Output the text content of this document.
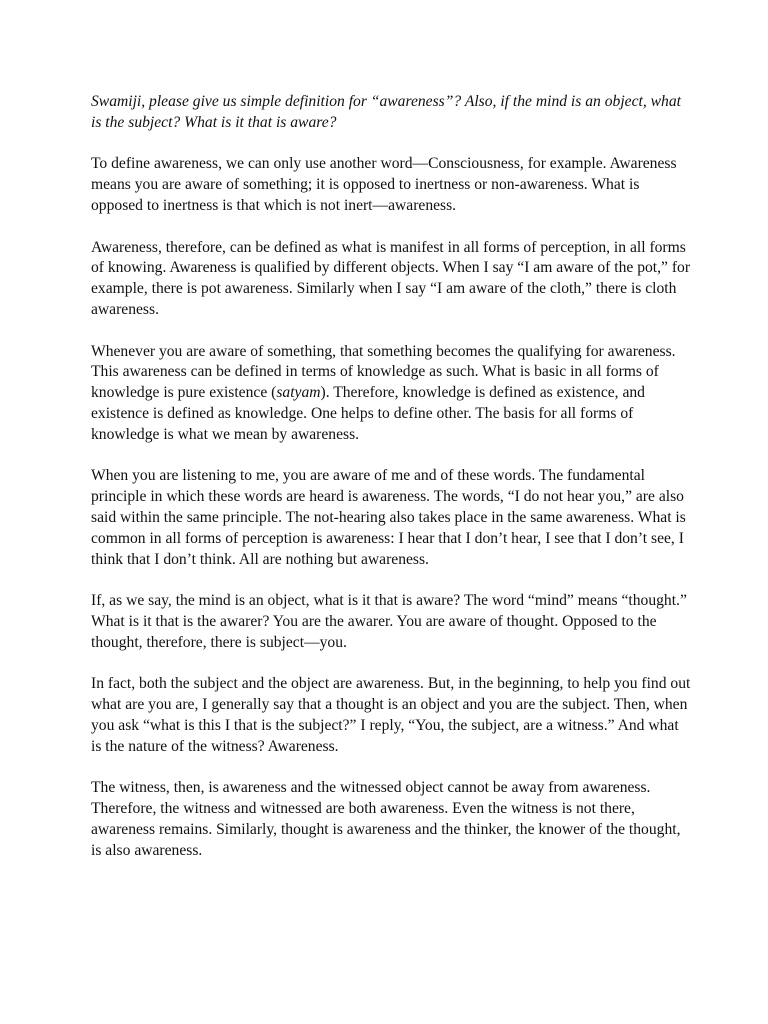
Swamiji, please give us simple definition for “awareness”? Also, if the mind is an object, what is the subject? What is it that is aware?

To define awareness, we can only use another word—Consciousness, for example. Awareness means you are aware of something; it is opposed to inertness or non-awareness. What is opposed to inertness is that which is not inert—awareness.

Awareness, therefore, can be defined as what is manifest in all forms of perception, in all forms of knowing. Awareness is qualified by different objects. When I say “I am aware of the pot,” for example, there is pot awareness. Similarly when I say “I am aware of the cloth,” there is cloth awareness.

Whenever you are aware of something, that something becomes the qualifying for awareness. This awareness can be defined in terms of knowledge as such. What is basic in all forms of knowledge is pure existence (satyam). Therefore, knowledge is defined as existence, and existence is defined as knowledge. One helps to define other. The basis for all forms of knowledge is what we mean by awareness.

When you are listening to me, you are aware of me and of these words. The fundamental principle in which these words are heard is awareness. The words, “I do not hear you,” are also said within the same principle. The not-hearing also takes place in the same awareness. What is common in all forms of perception is awareness: I hear that I don’t hear, I see that I don’t see, I think that I don’t think. All are nothing but awareness.

If, as we say, the mind is an object, what is it that is aware? The word “mind” means “thought.” What is it that is the awarer? You are the awarer. You are aware of thought. Opposed to the thought, therefore, there is subject—you.

In fact, both the subject and the object are awareness. But, in the beginning, to help you find out what are you are, I generally say that a thought is an object and you are the subject. Then, when you ask “what is this I that is the subject?” I reply, “You, the subject, are a witness.” And what is the nature of the witness? Awareness.

The witness, then, is awareness and the witnessed object cannot be away from awareness. Therefore, the witness and witnessed are both awareness. Even the witness is not there, awareness remains. Similarly, thought is awareness and the thinker, the knower of the thought, is also awareness.
